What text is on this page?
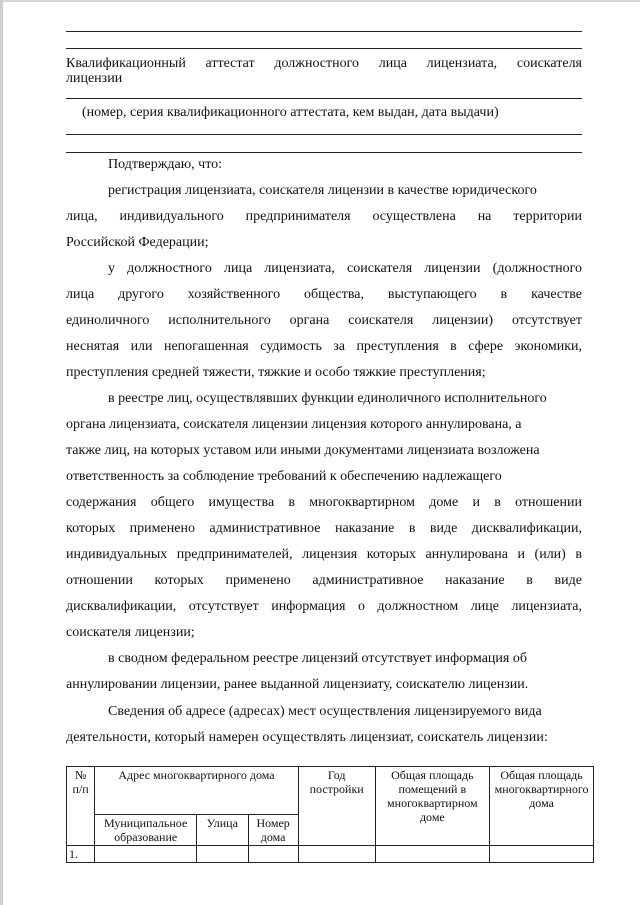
Квалификационный аттестат должностного лица лицензиата, соискателя
лицензии
(номер, серия квалификационного аттестата, кем выдан, дата выдачи)
Подтверждаю, что:
регистрация лицензиата, соискателя лицензии в качестве юридического
лица, индивидуального предпринимателя осуществлена на территории
Российской Федерации;
у должностного лица лицензиата, соискателя лицензии (должностного
лица другого хозяйственного общества, выступающего в качестве
единоличного исполнительного органа соискателя лицензии) отсутствует
неснятая или непогашенная судимость за преступления в сфере экономики,
преступления средней тяжести, тяжкие и особо тяжкие преступления;
в реестре лиц, осуществлявших функции единоличного исполнительного
органа лицензиата, соискателя лицензии лицензия которого аннулирована, а
также лиц, на которых уставом или иными документами лицензиата возложена
ответственность за соблюдение требований к обеспечению надлежащего
содержания общего имущества в многоквартирном доме и в отношении
которых применено административное наказание в виде дисквалификации,
индивидуальных предпринимателей, лицензия которых аннулирована и (или) в
отношении которых применено административное наказание в виде
дисквалификации, отсутствует информация о должностном лице лицензиата,
соискателя лицензии;
в сводном федеральном реестре лицензий отсутствует информация об
аннулировании лицензии, ранее выданной лицензиату, соискателю лицензии.
Сведения об адресе (адресах) мест осуществления лицензируемого вида
деятельности, который намерен осуществлять лицензиат, соискатель лицензии:
№ п/п	Адрес многоквартирного дома			Год постройки	Общая площадь помещений в многоквартирном доме	Общая площадь многоквартирного дома
	Муниципальное образование	Улица	Номер дома			
1.						
